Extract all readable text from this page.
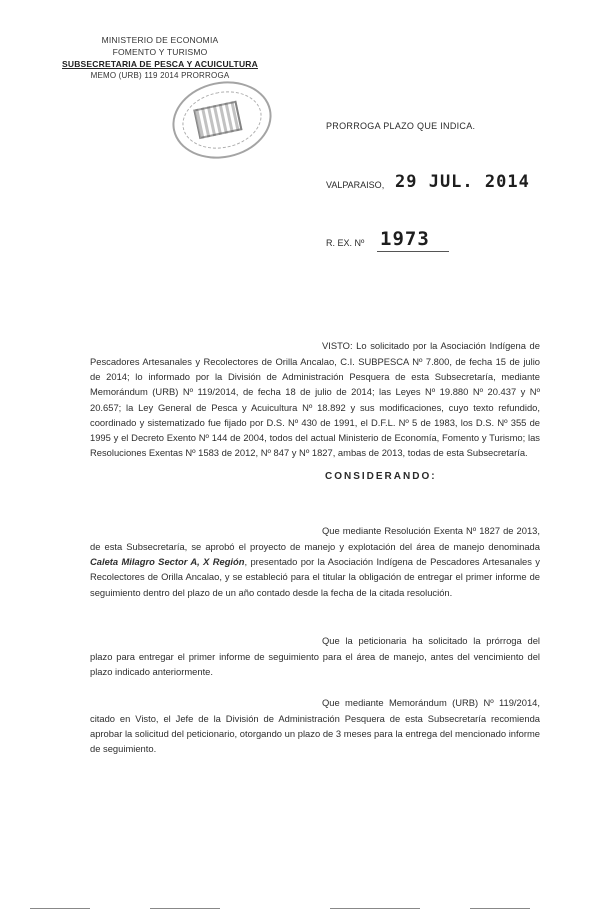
MINISTERIO DE ECONOMIA
FOMENTO Y TURISMO
SUBSECRETARIA DE PESCA Y ACUICULTURA
MEMO (URB) 119 2014 PRORROGA
PRORROGA PLAZO QUE INDICA.
VALPARAISO, 29 JUL. 2014
R. EX. Nº 1973

VISTO: Lo solicitado por la Asociación Indígena de Pescadores Artesanales y Recolectores de Orilla Ancalao, C.I. SUBPESCA Nº 7.800, de fecha 15 de julio de 2014; lo informado por la División de Administración Pesquera de esta Subsecretaría, mediante Memorándum (URB) Nº 119/2014, de fecha 18 de julio de 2014; las Leyes Nº 19.880 Nº 20.437 y Nº 20.657; la Ley General de Pesca y Acuicultura Nº 18.892 y sus modificaciones, cuyo texto refundido, coordinado y sistematizado fue fijado por D.S. Nº 430 de 1991, el D.F.L. Nº 5 de 1983, los D.S. Nº 355 de 1995 y el Decreto Exento Nº 144 de 2004, todos del actual Ministerio de Economía, Fomento y Turismo; las Resoluciones Exentas Nº 1583 de 2012, Nº 847 y Nº 1827, ambas de 2013, todas de esta Subsecretaría.

CONSIDERANDO:

Que mediante Resolución Exenta Nº 1827 de 2013, de esta Subsecretaría, se aprobó el proyecto de manejo y explotación del área de manejo denominada Caleta Milagro Sector A, X Región, presentado por la Asociación Indígena de Pescadores Artesanales y Recolectores de Orilla Ancalao, y se estableció para el titular la obligación de entregar el primer informe de seguimiento dentro del plazo de un año contado desde la fecha de la citada resolución.

Que la peticionaria ha solicitado la prórroga del plazo para entregar el primer informe de seguimiento para el área de manejo, antes del vencimiento del plazo indicado anteriormente.

Que mediante Memorándum (URB) Nº 119/2014, citado en Visto, el Jefe de la División de Administración Pesquera de esta Subsecretaría recomienda aprobar la solicitud del peticionario, otorgando un plazo de 3 meses para la entrega del mencionado informe de seguimiento.
